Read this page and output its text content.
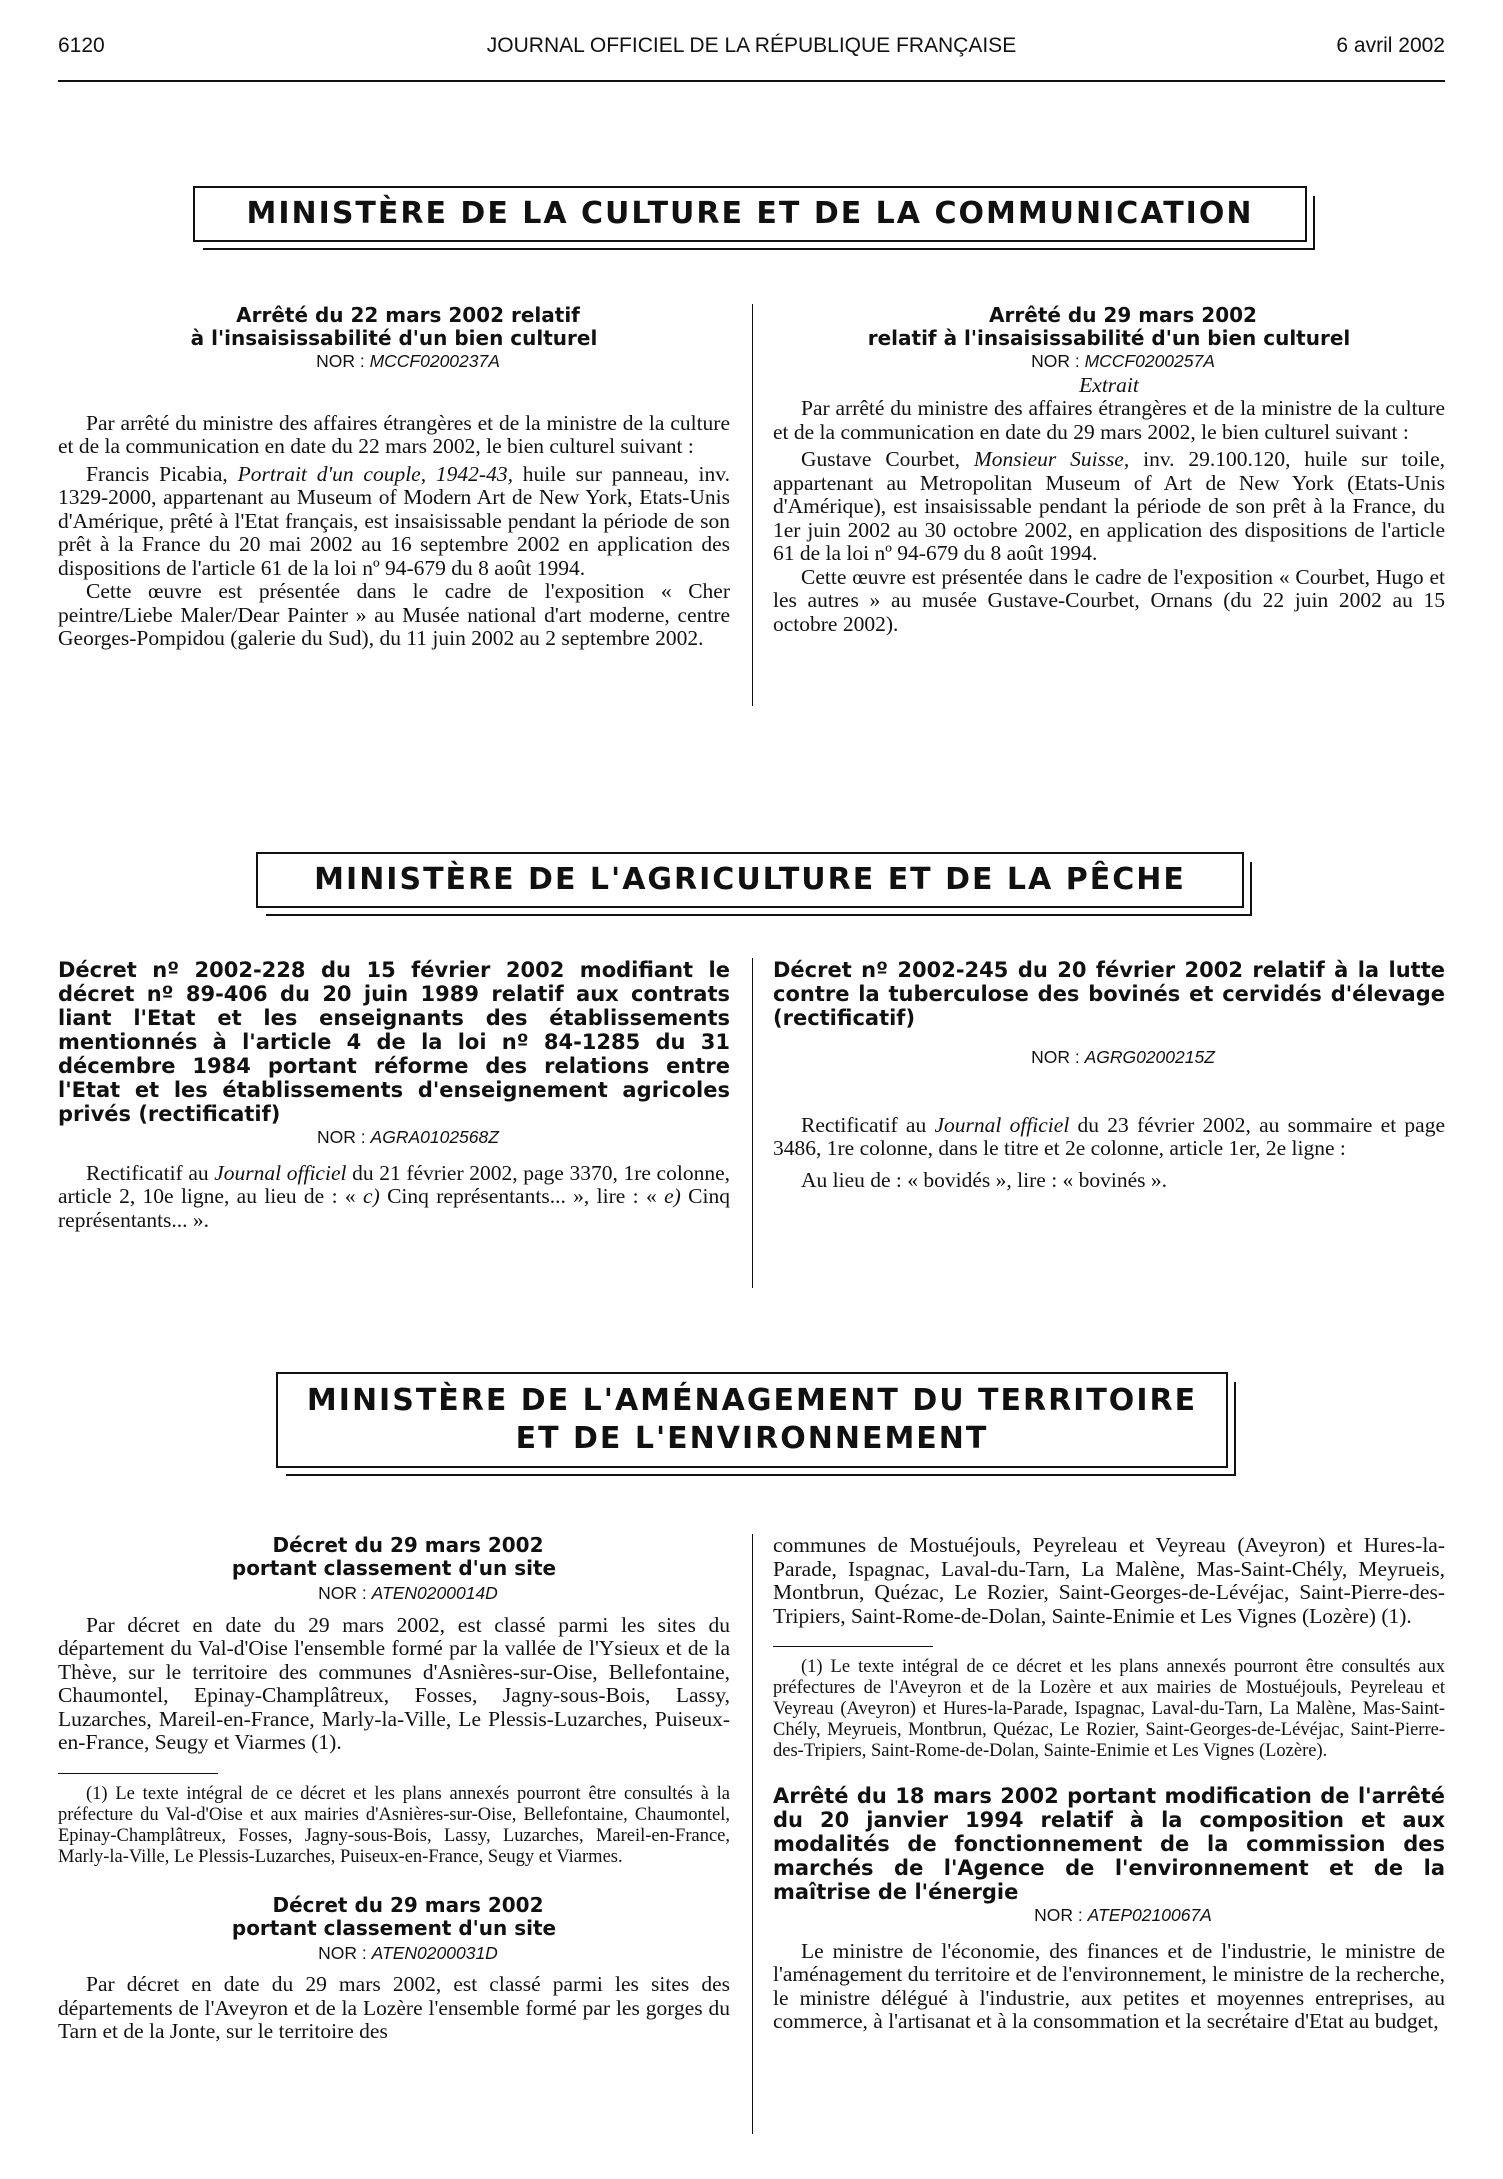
6120	JOURNAL OFFICIEL DE LA RÉPUBLIQUE FRANÇAISE	6 avril 2002
MINISTÈRE DE LA CULTURE ET DE LA COMMUNICATION

Arrêté du 22 mars 2002 relatif
à l'insaisissabilité d'un bien culturel

NOR : MCCF0200237A

Par arrêté du ministre des affaires étrangères et de la ministre de la culture et de la communication en date du 22 mars 2002, le bien culturel suivant :

Francis Picabia, Portrait d'un couple, 1942-43, huile sur panneau, inv. 1329-2000, appartenant au Museum of Modern Art de New York, Etats-Unis d'Amérique, prêté à l'Etat français, est insaisissable pendant la période de son prêt à la France du 20 mai 2002 au 16 septembre 2002 en application des dispositions de l'article 61 de la loi nº 94-679 du 8 août 1994.

Cette œuvre est présentée dans le cadre de l'exposition « Cher peintre/Liebe Maler/Dear Painter » au Musée national d'art moderne, centre Georges-Pompidou (galerie du Sud), du 11 juin 2002 au 2 septembre 2002.

Arrêté du 29 mars 2002
relatif à l'insaisissabilité d'un bien culturel

NOR : MCCF0200257A

Extrait

Par arrêté du ministre des affaires étrangères et de la ministre de la culture et de la communication en date du 29 mars 2002, le bien culturel suivant :

Gustave Courbet, Monsieur Suisse, inv. 29.100.120, huile sur toile, appartenant au Metropolitan Museum of Art de New York (Etats-Unis d'Amérique), est insaisissable pendant la période de son prêt à la France, du 1er juin 2002 au 30 octobre 2002, en application des dispositions de l'article 61 de la loi nº 94-679 du 8 août 1994.

Cette œuvre est présentée dans le cadre de l'exposition « Courbet, Hugo et les autres » au musée Gustave-Courbet, Ornans (du 22 juin 2002 au 15 octobre 2002).

MINISTÈRE DE L'AGRICULTURE ET DE LA PÊCHE

Décret nº 2002-228 du 15 février 2002 modifiant le décret nº 89-406 du 20 juin 1989 relatif aux contrats liant l'Etat et les enseignants des établissements mentionnés à l'article 4 de la loi nº 84-1285 du 31 décembre 1984 portant réforme des relations entre l'Etat et les établissements d'enseignement agricoles privés (rectificatif)

NOR : AGRA0102568Z

Rectificatif au Journal officiel du 21 février 2002, page 3370, 1re colonne, article 2, 10e ligne, au lieu de : « c) Cinq représentants... », lire : « e) Cinq représentants... ».

Décret nº 2002-245 du 20 février 2002 relatif à la lutte contre la tuberculose des bovinés et cervidés d'élevage (rectificatif)

NOR : AGRG0200215Z

Rectificatif au Journal officiel du 23 février 2002, au sommaire et page 3486, 1re colonne, dans le titre et 2e colonne, article 1er, 2e ligne :

Au lieu de : « bovidés », lire : « bovinés ».

MINISTÈRE DE L'AMÉNAGEMENT DU TERRITOIRE
ET DE L'ENVIRONNEMENT

Décret du 29 mars 2002
portant classement d'un site

NOR : ATEN0200014D

Par décret en date du 29 mars 2002, est classé parmi les sites du département du Val-d'Oise l'ensemble formé par la vallée de l'Ysieux et de la Thève, sur le territoire des communes d'Asnières-sur-Oise, Bellefontaine, Chaumontel, Epinay-Champlâtreux, Fosses, Jagny-sous-Bois, Lassy, Luzarches, Mareil-en-France, Marly-la-Ville, Le Plessis-Luzarches, Puiseux-en-France, Seugy et Viarmes (1).

(1) Le texte intégral de ce décret et les plans annexés pourront être consultés à la préfecture du Val-d'Oise et aux mairies d'Asnières-sur-Oise, Bellefontaine, Chaumontel, Epinay-Champlâtreux, Fosses, Jagny-sous-Bois, Lassy, Luzarches, Mareil-en-France, Marly-la-Ville, Le Plessis-Luzarches, Puiseux-en-France, Seugy et Viarmes.

Décret du 29 mars 2002
portant classement d'un site

NOR : ATEN0200031D

Par décret en date du 29 mars 2002, est classé parmi les sites des départements de l'Aveyron et de la Lozère l'ensemble formé par les gorges du Tarn et de la Jonte, sur le territoire des

communes de Mostuéjouls, Peyreleau et Veyreau (Aveyron) et Hures-la-Parade, Ispagnac, Laval-du-Tarn, La Malène, Mas-Saint-Chély, Meyrueis, Montbrun, Quézac, Le Rozier, Saint-Georges-de-Lévéjac, Saint-Pierre-des-Tripiers, Saint-Rome-de-Dolan, Sainte-Enimie et Les Vignes (Lozère) (1).

(1) Le texte intégral de ce décret et les plans annexés pourront être consultés aux préfectures de l'Aveyron et de la Lozère et aux mairies de Mostuéjouls, Peyreleau et Veyreau (Aveyron) et Hures-la-Parade, Ispagnac, Laval-du-Tarn, La Malène, Mas-Saint-Chély, Meyrueis, Montbrun, Quézac, Le Rozier, Saint-Georges-de-Lévéjac, Saint-Pierre-des-Tripiers, Saint-Rome-de-Dolan, Sainte-Enimie et Les Vignes (Lozère).

Arrêté du 18 mars 2002 portant modification de l'arrêté du 20 janvier 1994 relatif à la composition et aux modalités de fonctionnement de la commission des marchés de l'Agence de l'environnement et de la maîtrise de l'énergie

NOR : ATEP0210067A

Le ministre de l'économie, des finances et de l'industrie, le ministre de l'aménagement du territoire et de l'environnement, le ministre de la recherche, le ministre délégué à l'industrie, aux petites et moyennes entreprises, au commerce, à l'artisanat et à la consommation et la secrétaire d'Etat au budget,
